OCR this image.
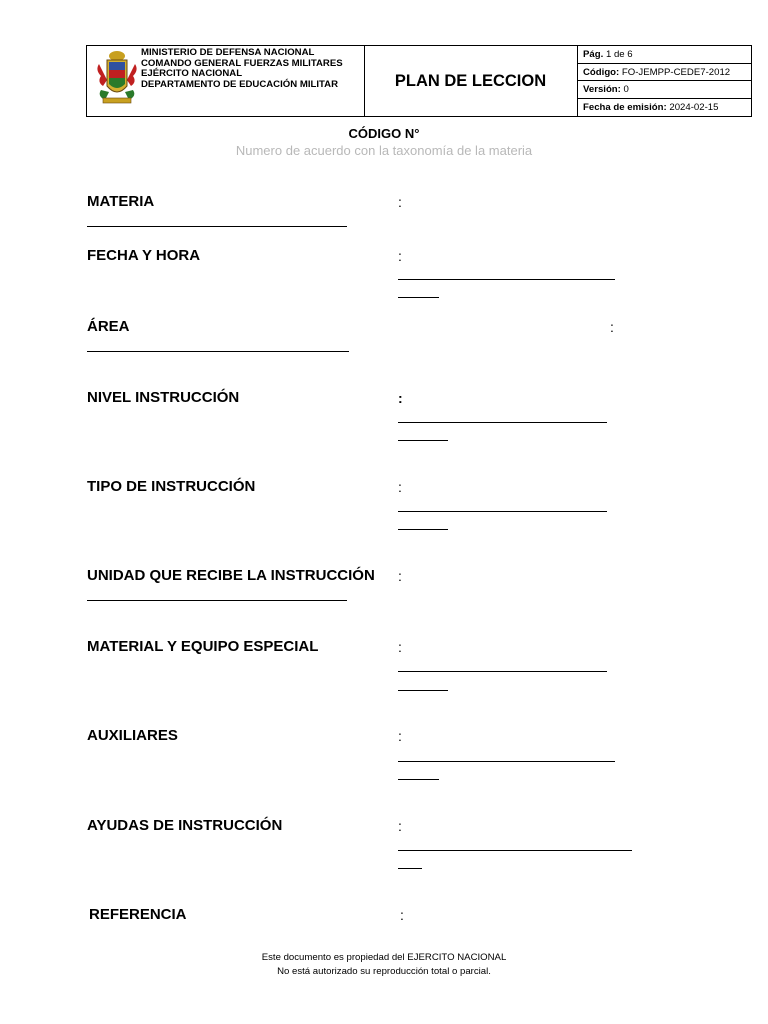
MINISTERIO DE DEFENSA NACIONAL
COMANDO GENERAL FUERZAS MILITARES
EJÉRCITO NACIONAL
DEPARTAMENTO DE EDUCACIÓN MILITAR	PLAN DE LECCION
Pág. 1 de 6
Código: FO-JEMPP-CEDE7-2012
Versión: 0
Fecha de emisión: 2024-02-15
CÓDIGO N°
Numero de acuerdo con la taxonomía de la materia
MATERIA	:
FECHA Y HORA	:
ÁREA	:
NIVEL INSTRUCCIÓN	:
TIPO DE INSTRUCCIÓN	:
UNIDAD QUE RECIBE LA INSTRUCCIÓN :
MATERIAL Y EQUIPO ESPECIAL	:
AUXILIARES	:
AYUDAS DE INSTRUCCIÓN	:
REFERENCIA	:
Este documento es propiedad del EJERCITO NACIONAL
No está autorizado su reproducción total o parcial.
